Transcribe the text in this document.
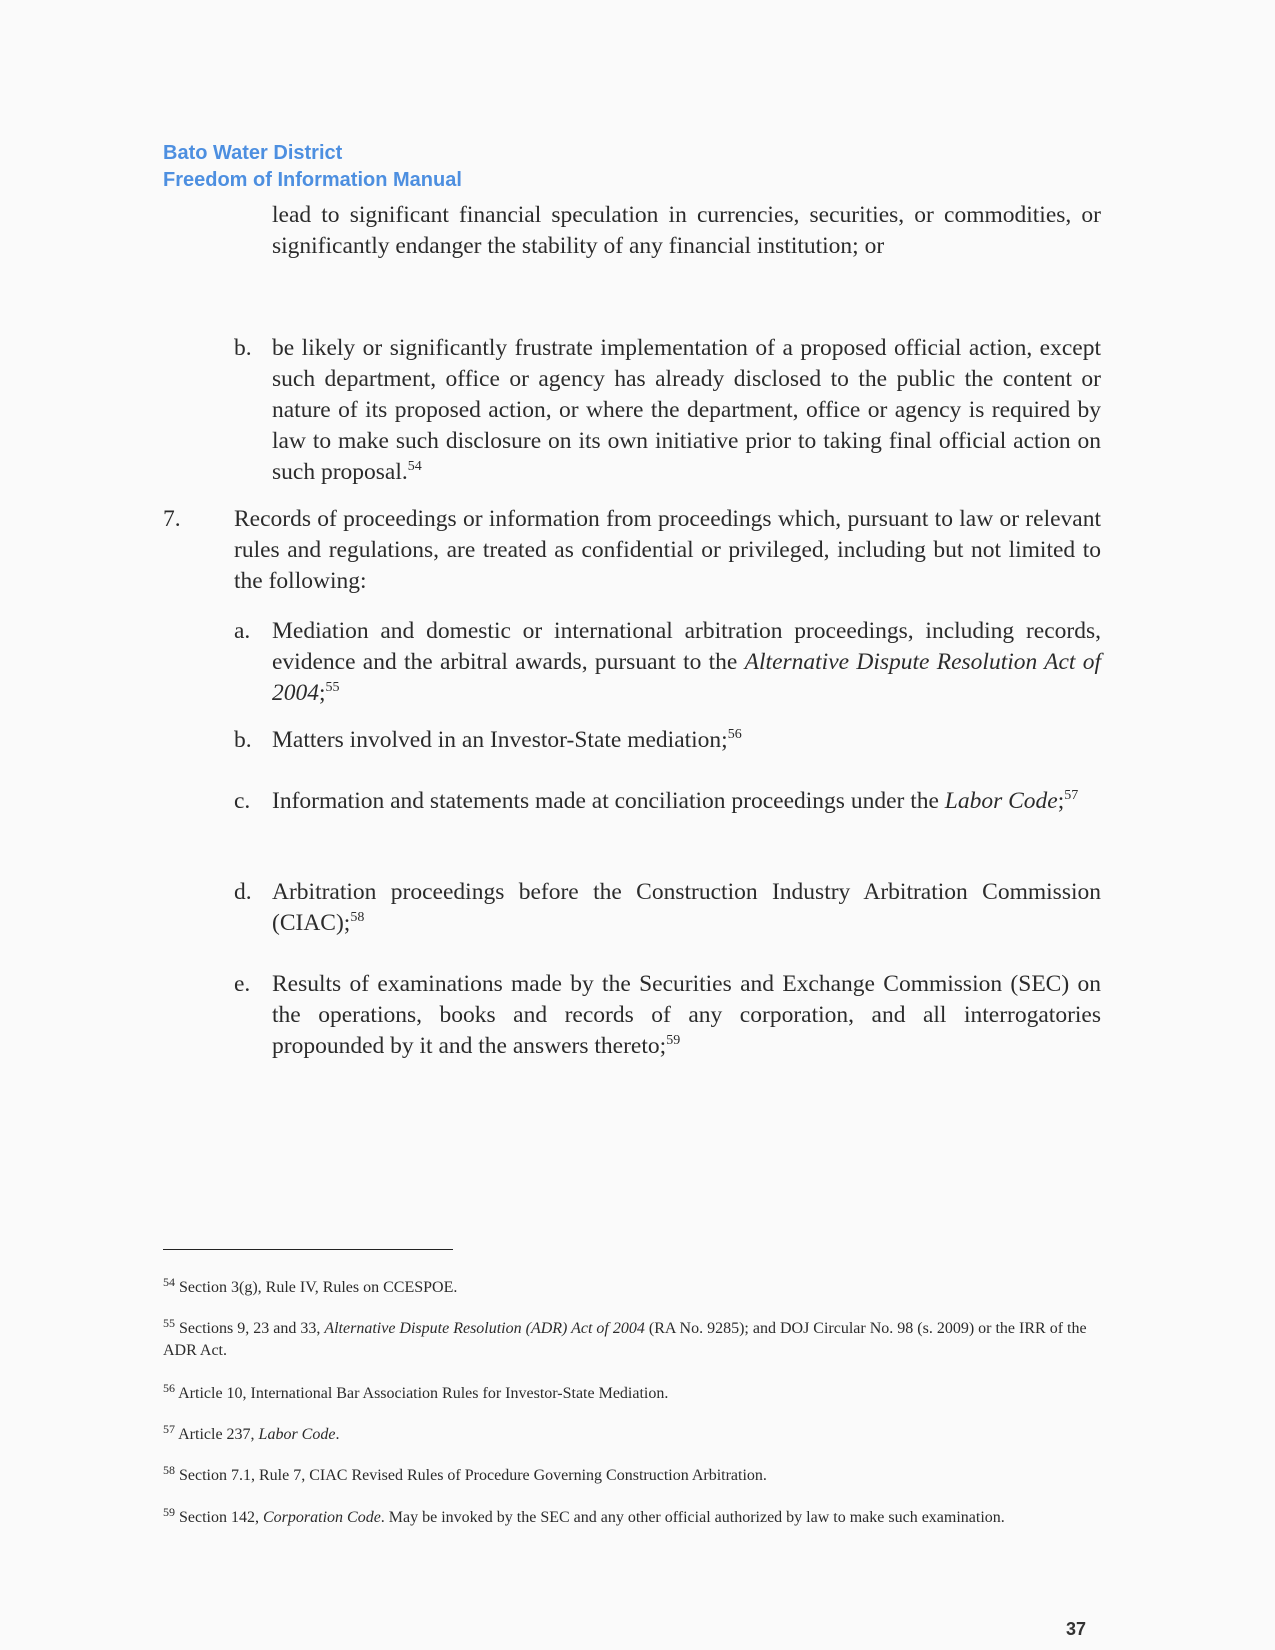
Bato Water District
Freedom of Information Manual
lead to significant financial speculation in currencies, securities, or commodities, or significantly endanger the stability of any financial institution; or
b. be likely or significantly frustrate implementation of a proposed official action, except such department, office or agency has already disclosed to the public the content or nature of its proposed action, or where the department, office or agency is required by law to make such disclosure on its own initiative prior to taking final official action on such proposal.$^{54}$
7. Records of proceedings or information from proceedings which, pursuant to law or relevant rules and regulations, are treated as confidential or privileged, including but not limited to the following:
a. Mediation and domestic or international arbitration proceedings, including records, evidence and the arbitral awards, pursuant to the Alternative Dispute Resolution Act of 2004;$^{55}$
b. Matters involved in an Investor-State mediation;$^{56}$
c. Information and statements made at conciliation proceedings under the Labor Code;$^{57}$
d. Arbitration proceedings before the Construction Industry Arbitration Commission (CIAC);$^{58}$
e. Results of examinations made by the Securities and Exchange Commission (SEC) on the operations, books and records of any corporation, and all interrogatories propounded by it and the answers thereto;$^{59}$
$^{54}$ Section 3(g), Rule IV, Rules on CCESPOE.
$^{55}$ Sections 9, 23 and 33, Alternative Dispute Resolution (ADR) Act of 2004 (RA No. 9285); and DOJ Circular No. 98 (s. 2009) or the IRR of the ADR Act.
$^{56}$ Article 10, International Bar Association Rules for Investor-State Mediation.
$^{57}$ Article 237, Labor Code.
$^{58}$ Section 7.1, Rule 7, CIAC Revised Rules of Procedure Governing Construction Arbitration.
$^{59}$ Section 142, Corporation Code. May be invoked by the SEC and any other official authorized by law to make such examination.
37
